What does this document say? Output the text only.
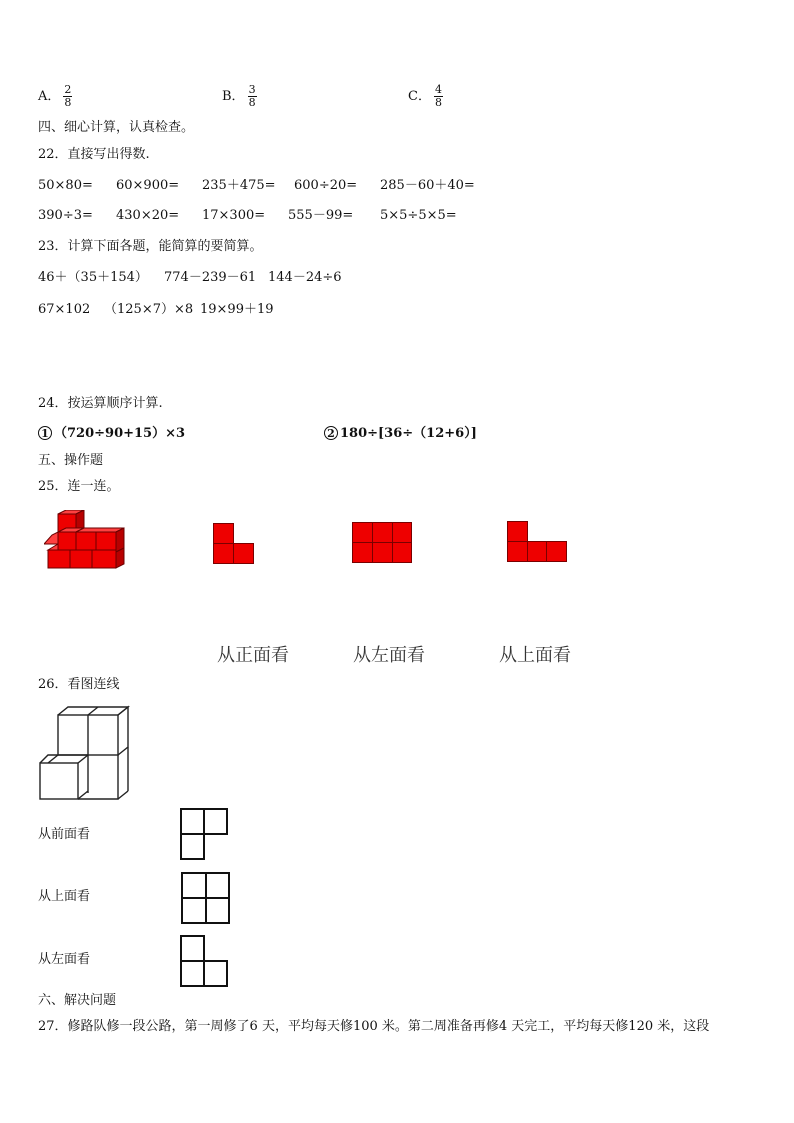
A． $\frac{2}{8}$	B． $\frac{3}{8}$	C． $\frac{4}{8}$
四、细心计算，认真检查。
22．直接写出得数.
50×80= 60×900= 235＋475= 600÷20= 285－60＋40=
390÷3= 430×20= 17×300= 555－99= 5×5÷5×5=
23．计算下面各题，能简算的要简算。
46＋（35＋154） 774－239－61 144－24÷6
67×102 （125×7）×8 19×99＋19
24．按运算顺序计算.
1 （720÷90+15）×3	2 180÷[36÷（12+6）]
五、操作题
25．连一连。
从正面看	从左面看	从上面看
26．看图连线
从前面看
从上面看
从左面看
六、解决问题
27．修路队修一段公路，第一周修了6 天，平均每天修100 米。第二周准备再修4 天完工，平均每天修120 米，这段
